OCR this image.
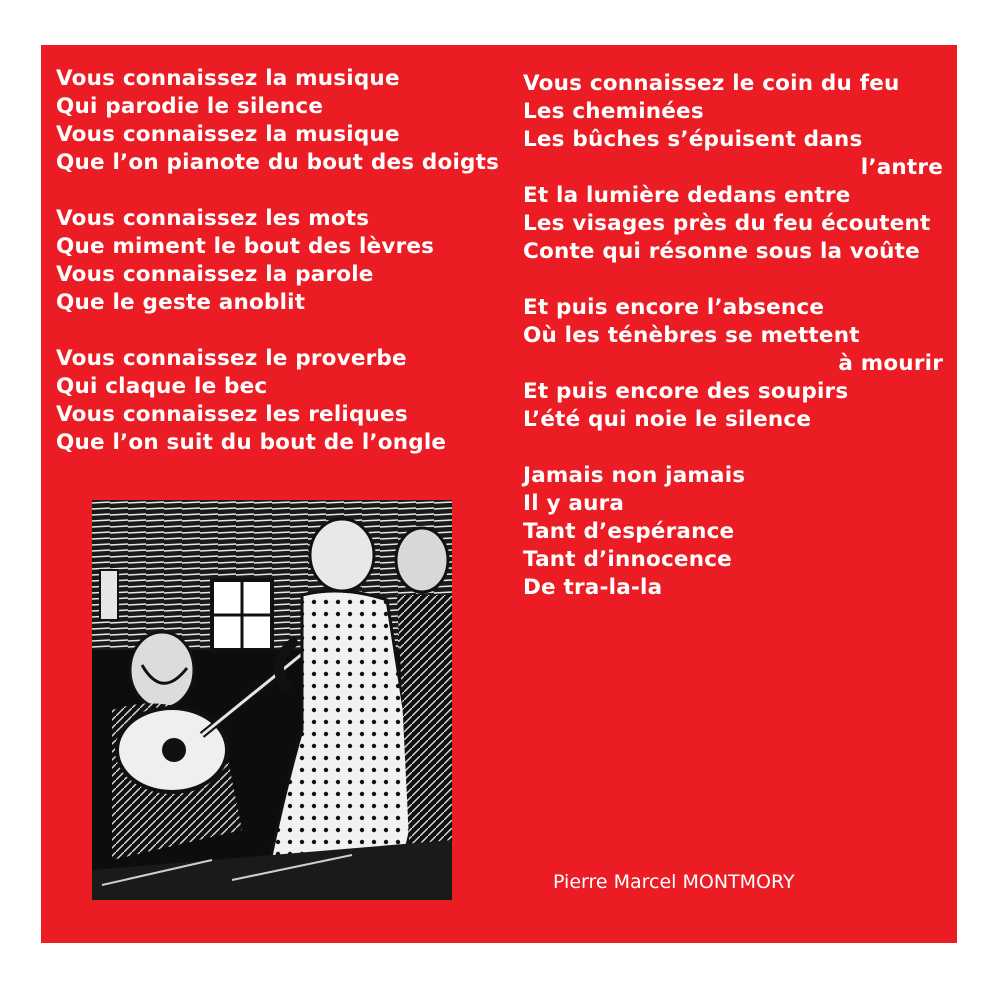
Vous connaissez la musique
Qui parodie le silence
Vous connaissez la musique
Que l’on pianote du bout des doigts
Vous connaissez les mots
Que miment le bout des lèvres
Vous connaissez la parole
Que le geste anoblit
Vous connaissez le proverbe
Qui claque le bec
Vous connaissez les reliques
Que l’on suit du bout de l’ongle
Vous connaissez le coin du feu
Les cheminées
Les bûches s’épuisent dans
l’antre
Et la lumière dedans entre
Les visages près du feu écoutent
Conte qui résonne sous la voûte
Et puis encore l’absence
Où les ténèbres se mettent
à mourir
Et puis encore des soupirs
L’été qui noie le silence
Jamais non jamais
Il y aura
Tant d’espérance
Tant d’innocence
De tra-la-la
Pierre Marcel MONTMORY
